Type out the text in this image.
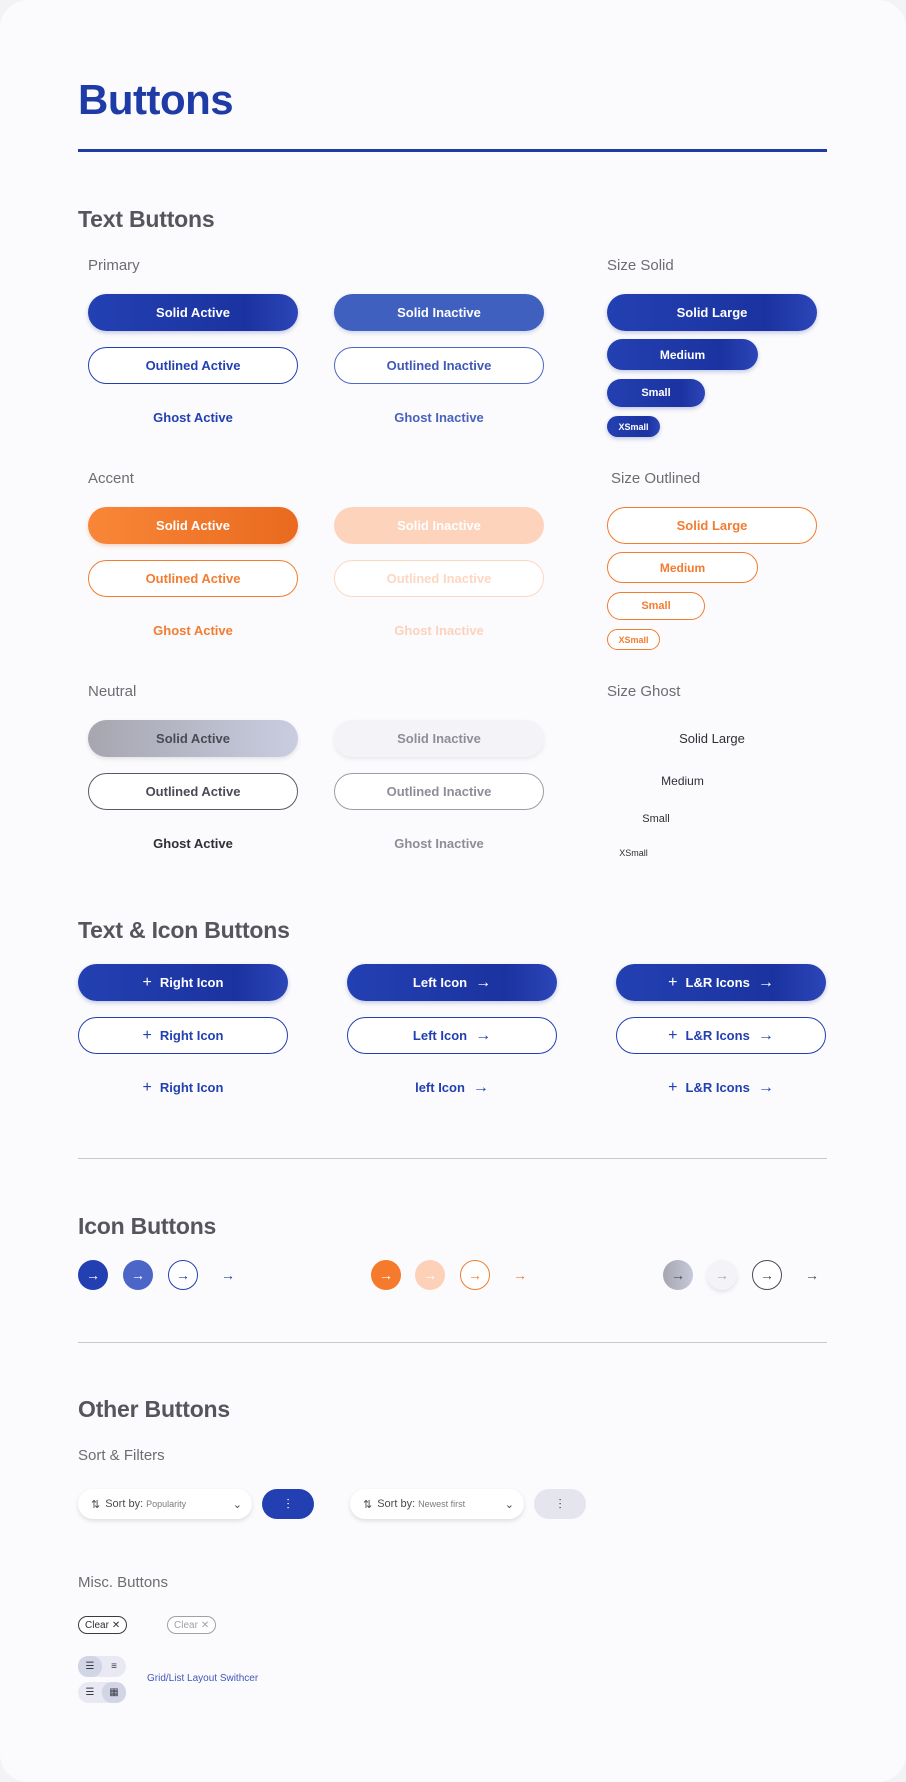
Buttons
Text Buttons
Primary
Solid Active	Solid Inactive
Outlined Active	Outlined Inactive
Ghost Active	Ghost Inactive
Size Solid
Solid Large
Medium
Small
XSmall
Accent
Solid Active	Solid Inactive
Outlined Active	Outlined Inactive
Ghost Active	Ghost Inactive
Size Outlined
Solid Large
Medium
Small
XSmall
Neutral
Solid Active	Solid Inactive
Outlined Active	Outlined Inactive
Ghost Active	Ghost Inactive
Size Ghost
Solid Large
Medium
Small
XSmall
Text & Icon Buttons
+ Right Icon	Left Icon →	+ L&R Icons →
+ Right Icon	Left Icon →	+ L&R Icons →
+ Right Icon	left Icon →	+ L&R Icons →
Icon Buttons
→ → → →	→ → → →	→ → → →
Other Buttons
Sort & Filters
⇅ Sort by: Popularity	⌄	⫶	⇅ Sort by: Newest first	⌄	⫶
Misc. Buttons
Clear ✕	Clear ✕
☰	≡
☰	▦
Grid/List Layout Swithcer
